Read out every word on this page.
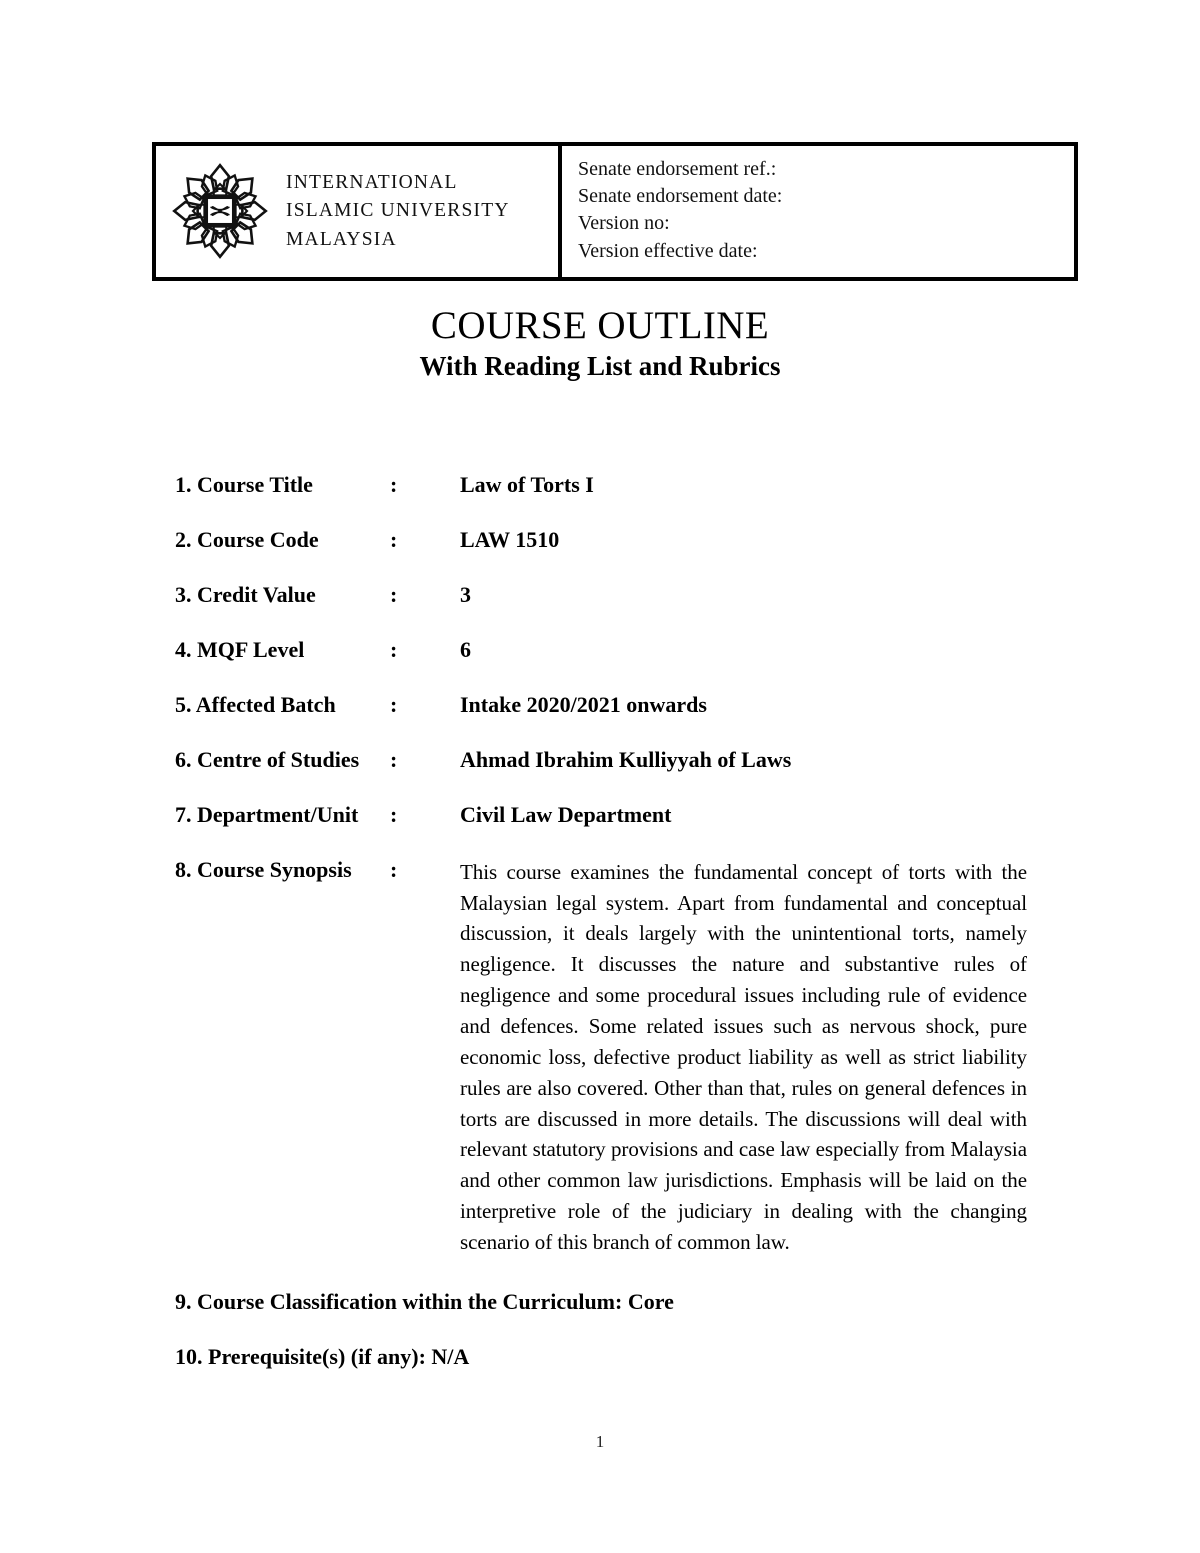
INTERNATIONAL
ISLAMIC UNIVERSITY
MALAYSIA
Senate endorsement ref.:
Senate endorsement date:
Version no:
Version effective date:
COURSE OUTLINE
With Reading List and Rubrics
1. Course Title	:	Law of Torts I
2. Course Code	:	LAW 1510
3. Credit Value	:	3
4. MQF Level	:	6
5. Affected Batch	:	Intake 2020/2021 onwards
6. Centre of Studies	:	Ahmad Ibrahim Kulliyyah of Laws
7. Department/Unit	:	Civil Law Department
8. Course Synopsis	:	This course examines the fundamental concept of torts with the Malaysian legal system. Apart from fundamental and conceptual discussion, it deals largely with the unintentional torts, namely negligence. It discusses the nature and substantive rules of negligence and some procedural issues including rule of evidence and defences. Some related issues such as nervous shock, pure economic loss, defective product liability as well as strict liability rules are also covered. Other than that, rules on general defences in torts are discussed in more details. The discussions will deal with relevant statutory provisions and case law especially from Malaysia and other common law jurisdictions. Emphasis will be laid on the interpretive role of the judiciary in dealing with the changing scenario of this branch of common law.
9. Course Classification within the Curriculum: Core
10. Prerequisite(s) (if any): N/A
1
